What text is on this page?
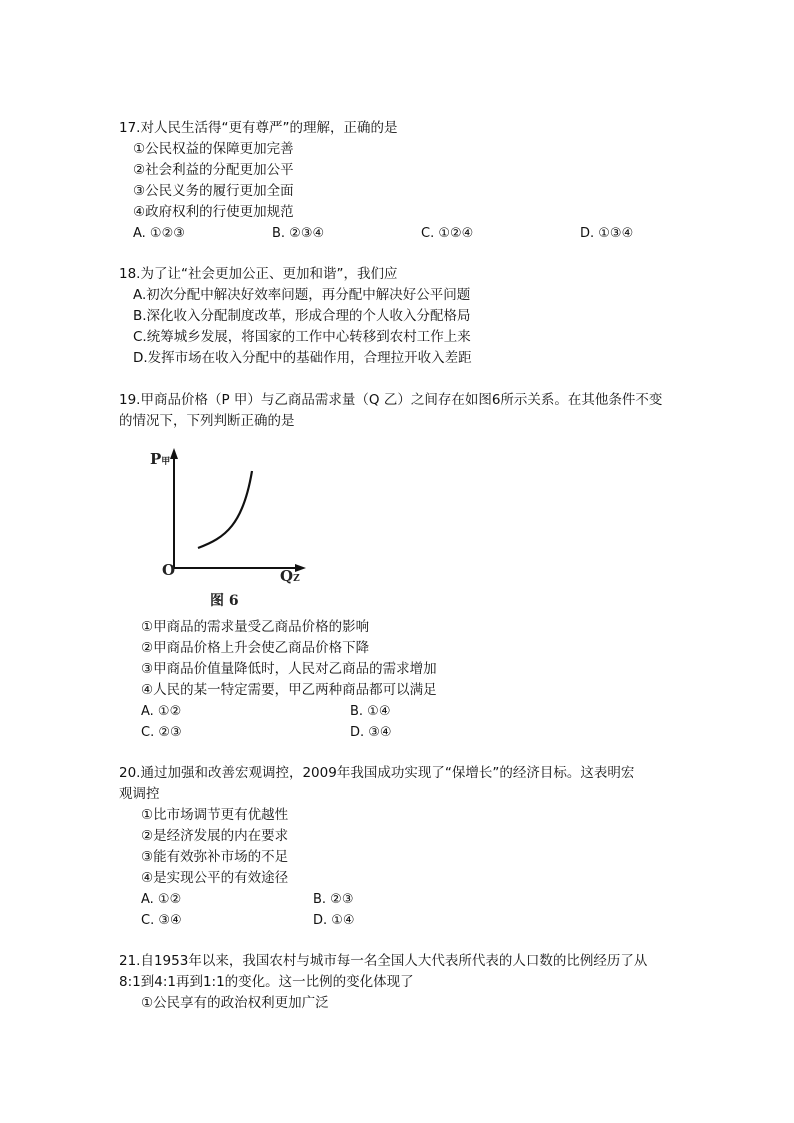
17.对人民生活得“更有尊严”的理解，正确的是
①公民权益的保障更加完善
②社会利益的分配更加公平
③公民义务的履行更加全面
④政府权利的行使更加规范
A. ①②③	B. ②③④	C. ①②④	D. ①③④
18.为了让“社会更加公正、更加和谐”，我们应
A.初次分配中解决好效率问题，再分配中解决好公平问题
B.深化收入分配制度改革，形成合理的个人收入分配格局
C.统筹城乡发展，将国家的工作中心转移到农村工作上来
D.发挥市场在收入分配中的基础作用，合理拉开收入差距
19.甲商品价格（P 甲）与乙商品需求量（Q 乙）之间存在如图6所示关系。在其他条件不变
的情况下，下列判断正确的是
P甲
O	QZ
图 6
①甲商品的需求量受乙商品价格的影响
②甲商品价格上升会使乙商品价格下降
③甲商品价值量降低时，人民对乙商品的需求增加
④人民的某一特定需要，甲乙两种商品都可以满足
A. ①②	B. ①④
C. ②③	D. ③④
20.通过加强和改善宏观调控，2009年我国成功实现了“保增长”的经济目标。这表明宏
观调控
①比市场调节更有优越性
②是经济发展的内在要求
③能有效弥补市场的不足
④是实现公平的有效途径
A. ①②	B. ②③
C. ③④	D. ①④
21.自1953年以来，我国农村与城市每一名全国人大代表所代表的人口数的比例经历了从
8:1到4:1再到1:1的变化。这一比例的变化体现了
①公民享有的政治权利更加广泛
